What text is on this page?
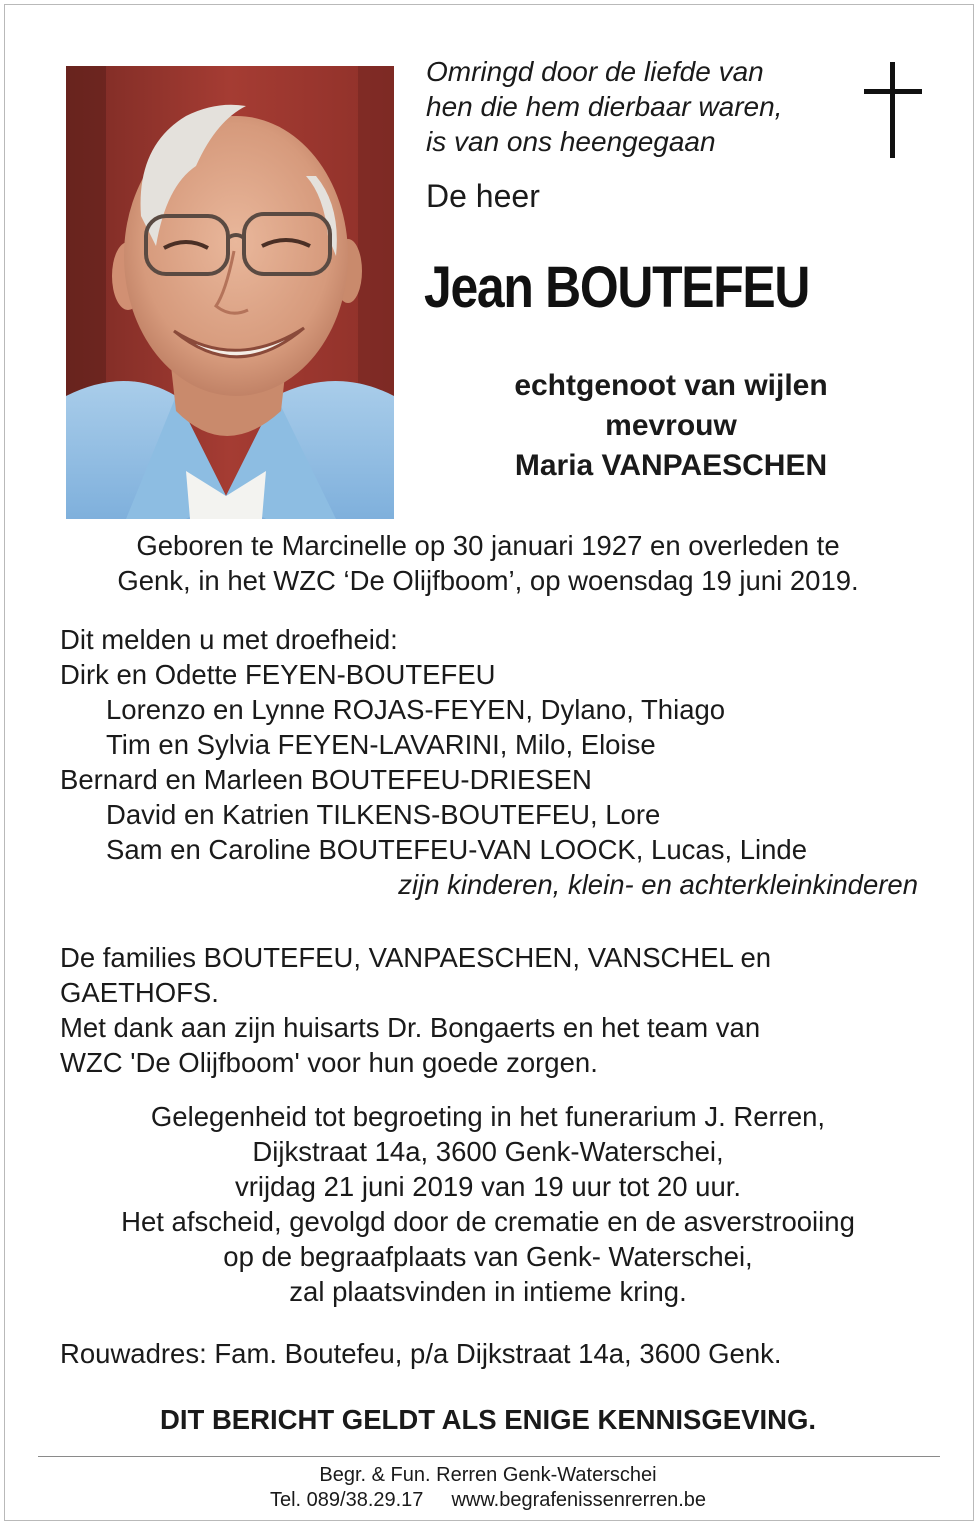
Omringd door de liefde van
hen die hem dierbaar waren,
is van ons heengegaan
De heer
Jean BOUTEFEU
echtgenoot van wijlen
mevrouw
Maria VANPAESCHEN
Geboren te Marcinelle op 30 januari 1927 en overleden te
Genk, in het WZC ‘De Olijfboom’, op woensdag 19 juni 2019.
Dit melden u met droefheid:
Dirk en Odette FEYEN-BOUTEFEU
Lorenzo en Lynne ROJAS-FEYEN, Dylano, Thiago
Tim en Sylvia FEYEN-LAVARINI, Milo, Eloise
Bernard en Marleen BOUTEFEU-DRIESEN
David en Katrien TILKENS-BOUTEFEU, Lore
Sam en Caroline BOUTEFEU-VAN LOOCK, Lucas, Linde
zijn kinderen, klein- en achterkleinkinderen
De families BOUTEFEU, VANPAESCHEN, VANSCHEL en
GAETHOFS.
Met dank aan zijn huisarts Dr. Bongaerts en het team van
WZC 'De Olijfboom' voor hun goede zorgen.
Gelegenheid tot begroeting in het funerarium J. Rerren,
Dijkstraat 14a, 3600 Genk-Waterschei,
vrijdag 21 juni 2019 van 19 uur tot 20 uur.
Het afscheid, gevolgd door de crematie en de asverstrooiing
op de begraafplaats van Genk- Waterschei,
zal plaatsvinden in intieme kring.
Rouwadres: Fam. Boutefeu, p/a Dijkstraat 14a, 3600 Genk.
DIT BERICHT GELDT ALS ENIGE KENNISGEVING.
Begr. & Fun. Rerren Genk-Waterschei
Tel. 089/38.29.17 www.begrafenissenrerren.be
